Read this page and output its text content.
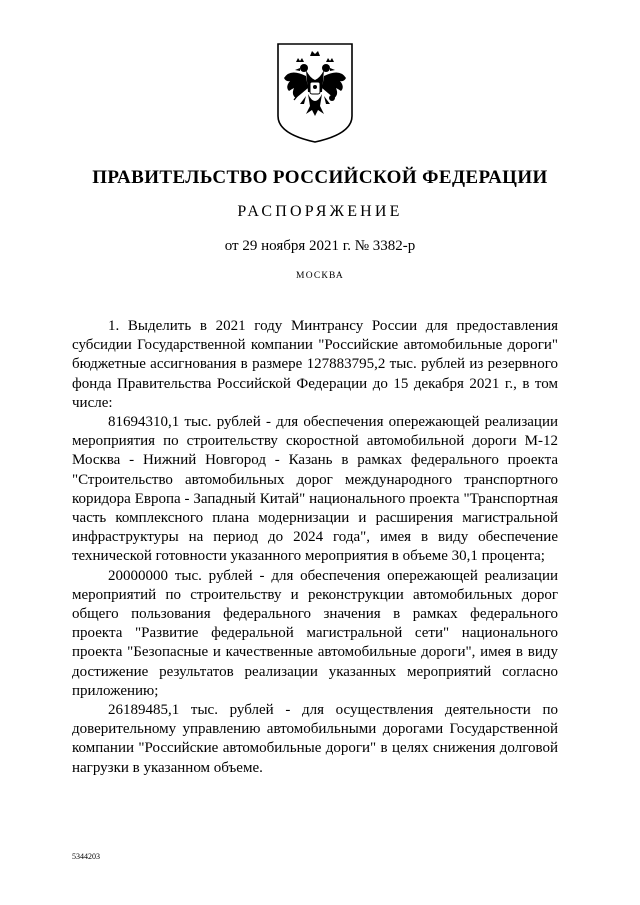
ПРАВИТЕЛЬСТВО РОССИЙСКОЙ ФЕДЕРАЦИИ
РАСПОРЯЖЕНИЕ
от 29 ноября 2021 г. № 3382-р
МОСКВА

1. Выделить в 2021 году Минтрансу России для предоставления субсидии Государственной компании "Российские автомобильные дороги" бюджетные ассигнования в размере 127883795,2 тыс. рублей из резервного фонда Правительства Российской Федерации до 15 декабря 2021 г., в том числе:

81694310,1 тыс. рублей - для обеспечения опережающей реализации мероприятия по строительству скоростной автомобильной дороги М-12 Москва - Нижний Новгород - Казань в рамках федерального проекта "Строительство автомобильных дорог международного транспортного коридора Европа - Западный Китай" национального проекта "Транспортная часть комплексного плана модернизации и расширения магистральной инфраструктуры на период до 2024 года", имея в виду обеспечение технической готовности указанного мероприятия в объеме 30,1 процента;

20000000 тыс. рублей - для обеспечения опережающей реализации мероприятий по строительству и реконструкции автомобильных дорог общего пользования федерального значения в рамках федерального проекта "Развитие федеральной магистральной сети" национального проекта "Безопасные и качественные автомобильные дороги", имея в виду достижение результатов реализации указанных мероприятий согласно приложению;

26189485,1 тыс. рублей - для осуществления деятельности по доверительному управлению автомобильными дорогами Государственной компании "Российские автомобильные дороги" в целях снижения долговой нагрузки в указанном объеме.

5344203
